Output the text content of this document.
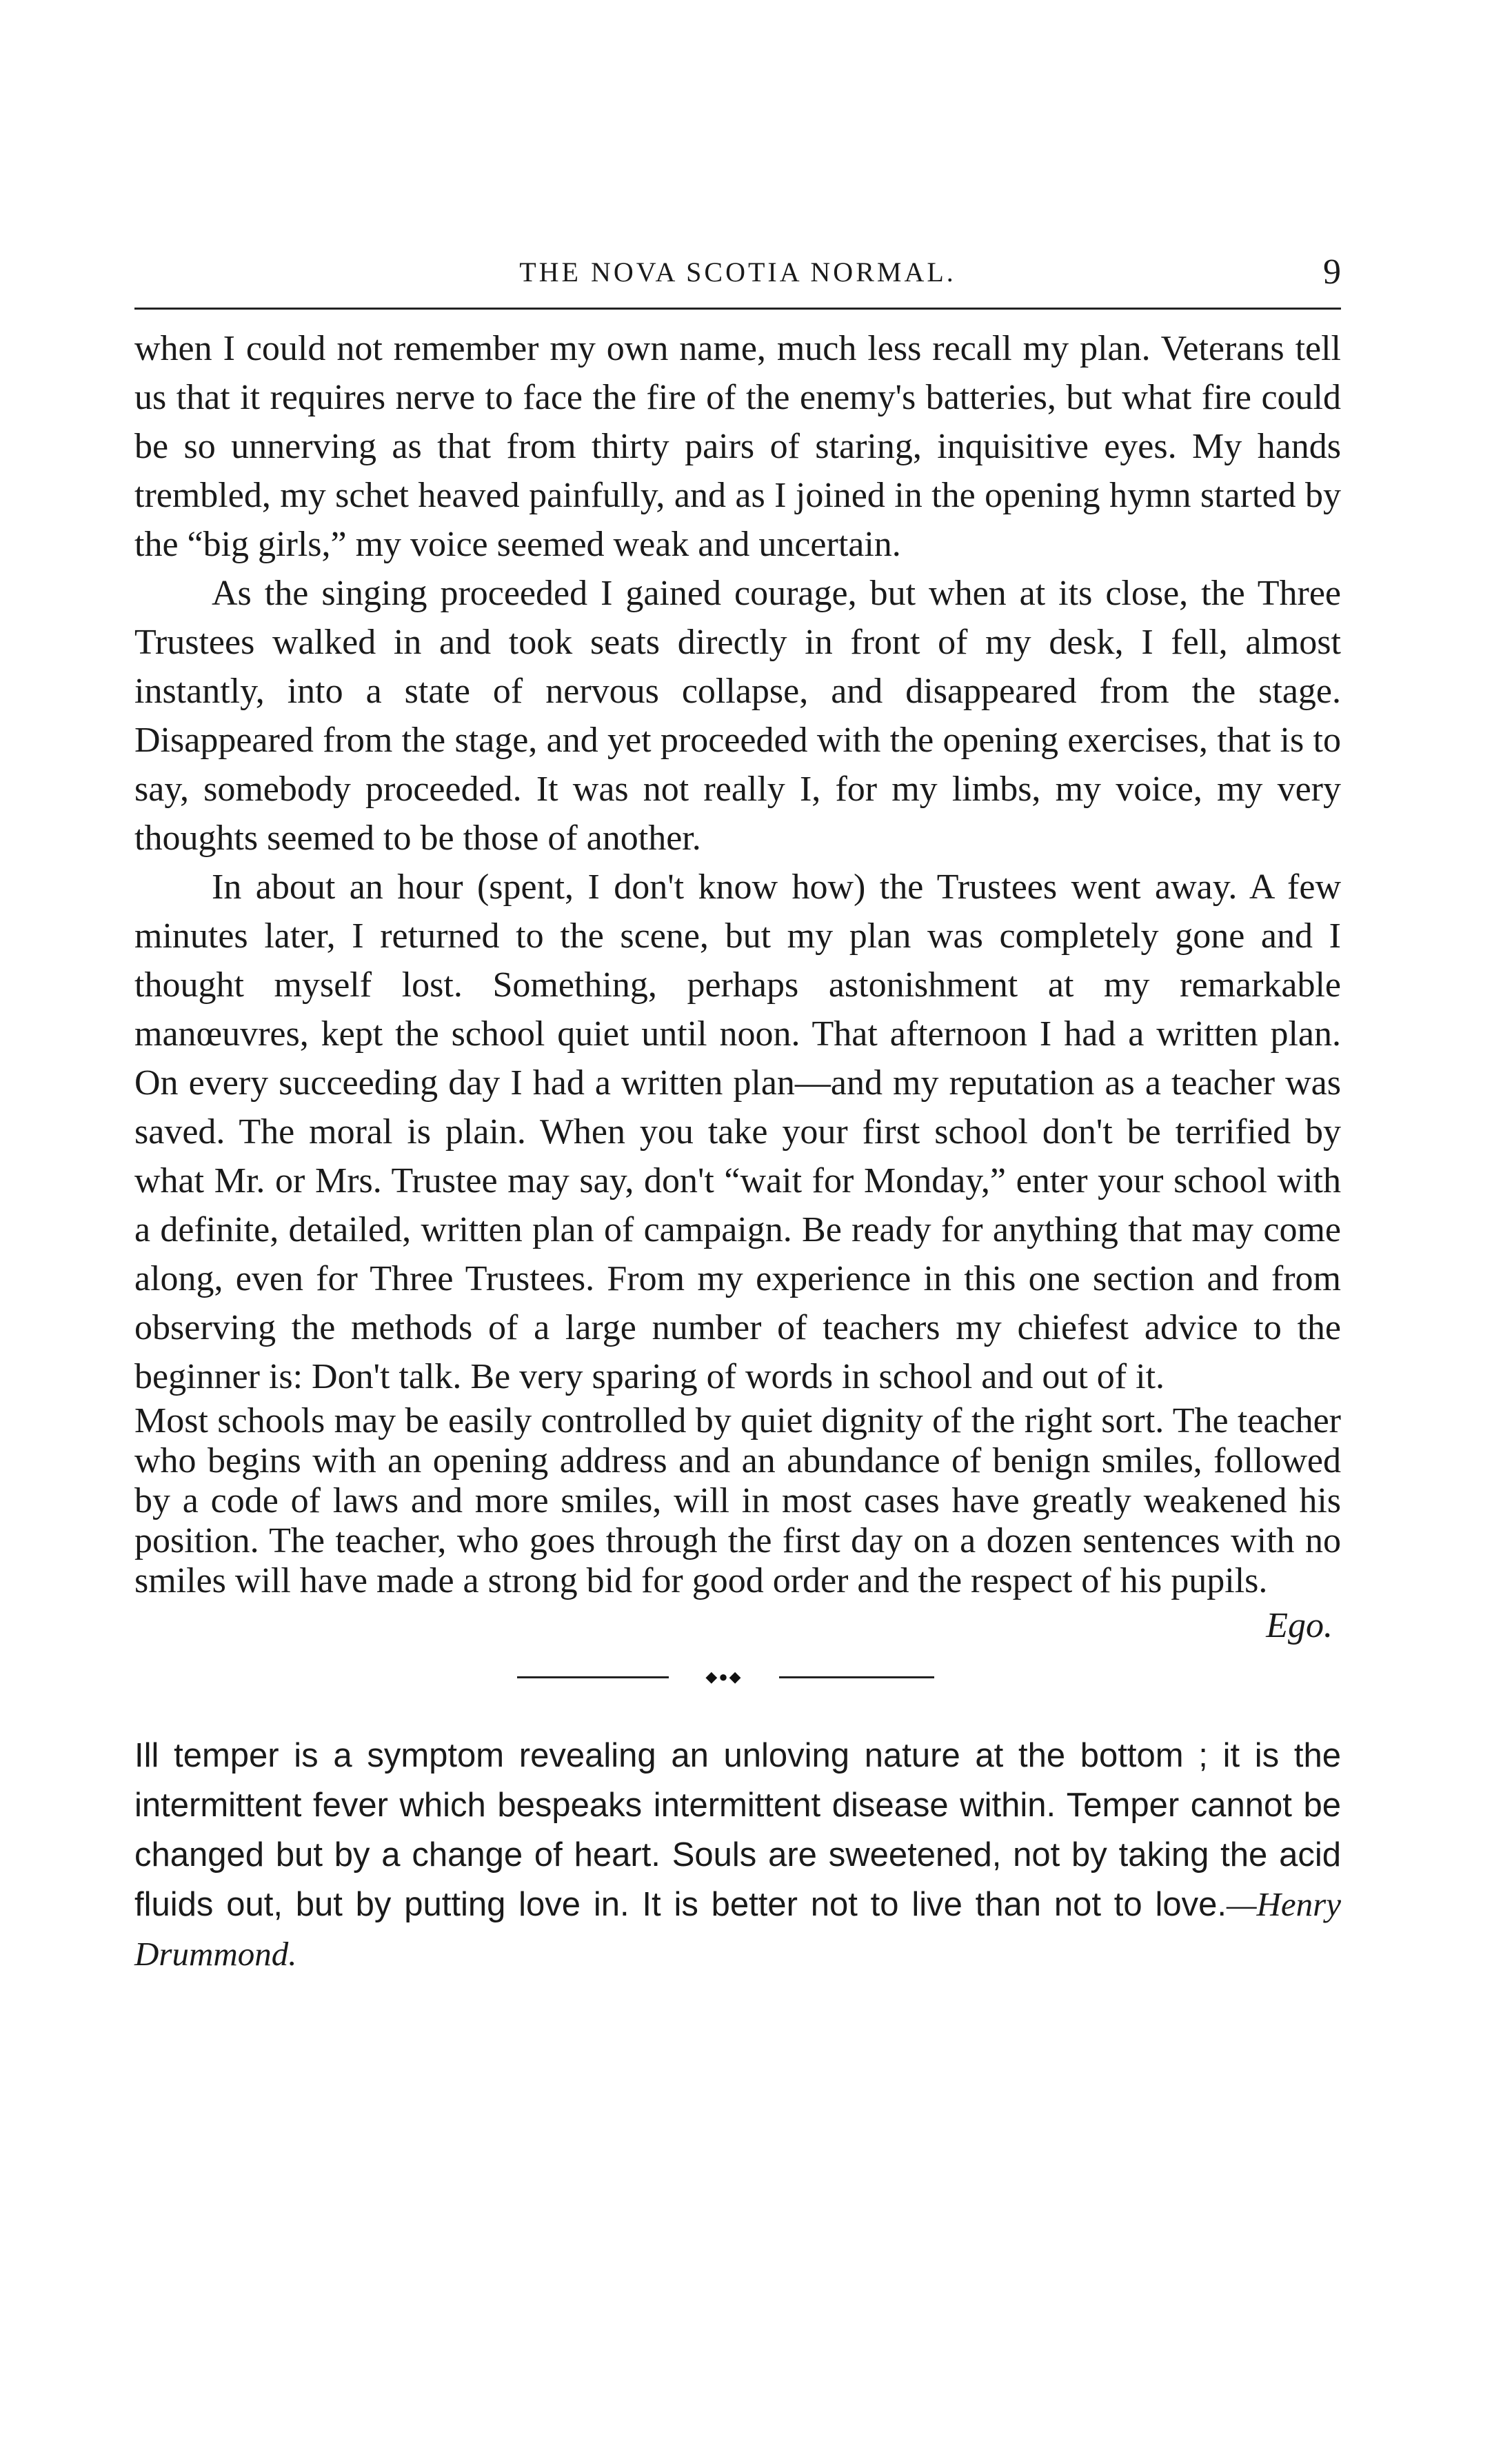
THE NOVA SCOTIA NORMAL.	9

when I could not remember my own name, much less recall my plan. Veterans tell us that it requires nerve to face the fire of the enemy's batteries, but what fire could be so unnerving as that from thirty pairs of staring, inquisitive eyes. My hands trembled, my schet heaved painfully, and as I joined in the opening hymn started by the “big girls,” my voice seemed weak and uncertain.

As the singing proceeded I gained courage, but when at its close, the Three Trustees walked in and took seats directly in front of my desk, I fell, almost instantly, into a state of nervous collapse, and disappeared from the stage. Disappeared from the stage, and yet proceeded with the opening exercises, that is to say, somebody proceeded. It was not really I, for my limbs, my voice, my very thoughts seemed to be those of another.

In about an hour (spent, I don't know how) the Trustees went away. A few minutes later, I returned to the scene, but my plan was completely gone and I thought myself lost. Something, perhaps astonishment at my remarkable manœuvres, kept the school quiet until noon. That afternoon I had a written plan. On every succeeding day I had a written plan—and my reputation as a teacher was saved. The moral is plain. When you take your first school don't be terrified by what Mr. or Mrs. Trustee may say, don't “wait for Monday,” enter your school with a definite, detailed, written plan of campaign. Be ready for anything that may come along, even for Three Trustees. From my experience in this one section and from observing the methods of a large number of teachers my chiefest advice to the beginner is: Don't talk. Be very sparing of words in school and out of it.

Most schools may be easily controlled by quiet dignity of the right sort. The teacher who begins with an opening address and an abundance of benign smiles, followed by a code of laws and more smiles, will in most cases have greatly weakened his position. The teacher, who goes through the first day on a dozen sentences with no smiles will have made a strong bid for good order and the respect of his pupils.

Ego.

◆●◆

Ill temper is a symptom revealing an unloving nature at the bottom ; it is the intermittent fever which bespeaks intermittent disease within. Temper cannot be changed but by a change of heart. Souls are sweetened, not by taking the acid fluids out, but by putting love in. It is better not to live than not to love.—Henry Drummond.
